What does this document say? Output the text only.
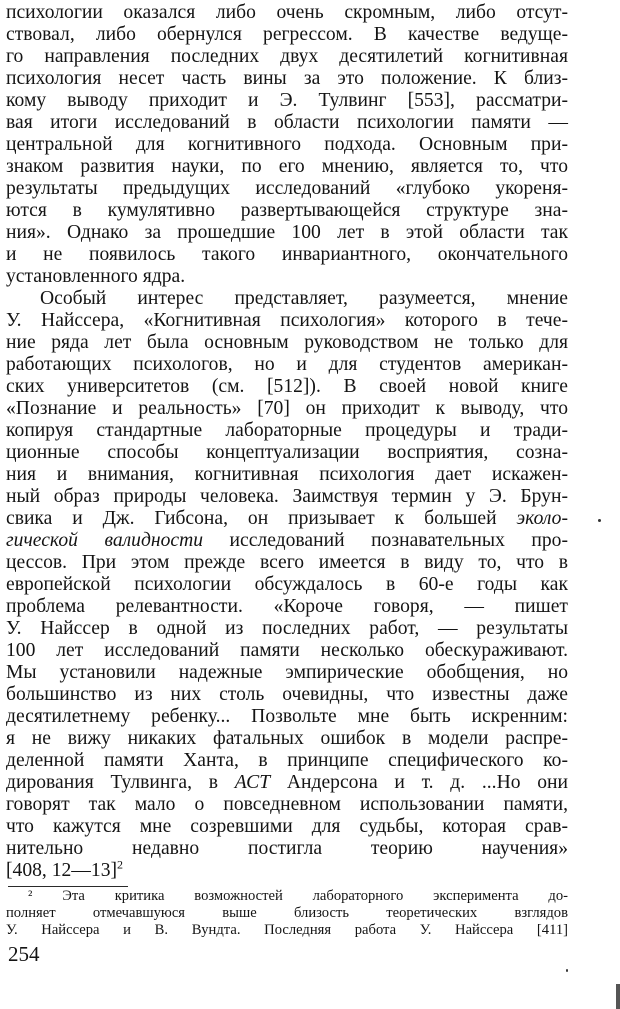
психологии оказался либо очень скромным, либо отсут-
ствовал, либо обернулся регрессом. В качестве ведуще-
го направления последних двух десятилетий когнитивная
психология несет часть вины за это положение. К близ-
кому выводу приходит и Э. Тулвинг [553], рассматри-
вая итоги исследований в области психологии памяти —
центральной для когнитивного подхода. Основным при-
знаком развития науки, по его мнению, является то, что
результаты предыдущих исследований «глубоко укореня-
ются в кумулятивно развертывающейся структуре зна-
ния». Однако за прошедшие 100 лет в этой области так
и не появилось такого инвариантного, окончательного
установленного ядра.
Особый интерес представляет, разумеется, мнение
У. Найссера, «Когнитивная психология» которого в тече-
ние ряда лет была основным руководством не только для
работающих психологов, но и для студентов американ-
ских университетов (см. [512]). В своей новой книге
«Познание и реальность» [70] он приходит к выводу, что
копируя стандартные лабораторные процедуры и тради-
ционные способы концептуализации восприятия, созна-
ния и внимания, когнитивная психология дает искажен-
ный образ природы человека. Заимствуя термин у Э. Брун-
свика и Дж. Гибсона, он призывает к большей эколо-
гической валидности исследований познавательных про-
цессов. При этом прежде всего имеется в виду то, что в
европейской психологии обсуждалось в 60-е годы как
проблема релевантности. «Короче говоря, — пишет
У. Найссер в одной из последних работ, — результаты
100 лет исследований памяти несколько обескураживают.
Мы установили надежные эмпирические обобщения, но
большинство из них столь очевидны, что известны даже
десятилетнему ребенку... Позвольте мне быть искренним:
я не вижу никаких фатальных ошибок в модели распре-
деленной памяти Ханта, в принципе специфического ко-
дирования Тулвинга, в АСТ Андерсона и т. д. ...Но они
говорят так мало о повседневном использовании памяти,
что кажутся мне созревшими для судьбы, которая срав-
нительно недавно постигла теорию научения»
[408, 12—13]$^2$
² Эта критика возможностей лабораторного эксперимента до-
полняет отмечавшуюся выше близость теоретических взглядов
У. Найссера и В. Вундта. Последняя работа У. Найссера [411]
254
